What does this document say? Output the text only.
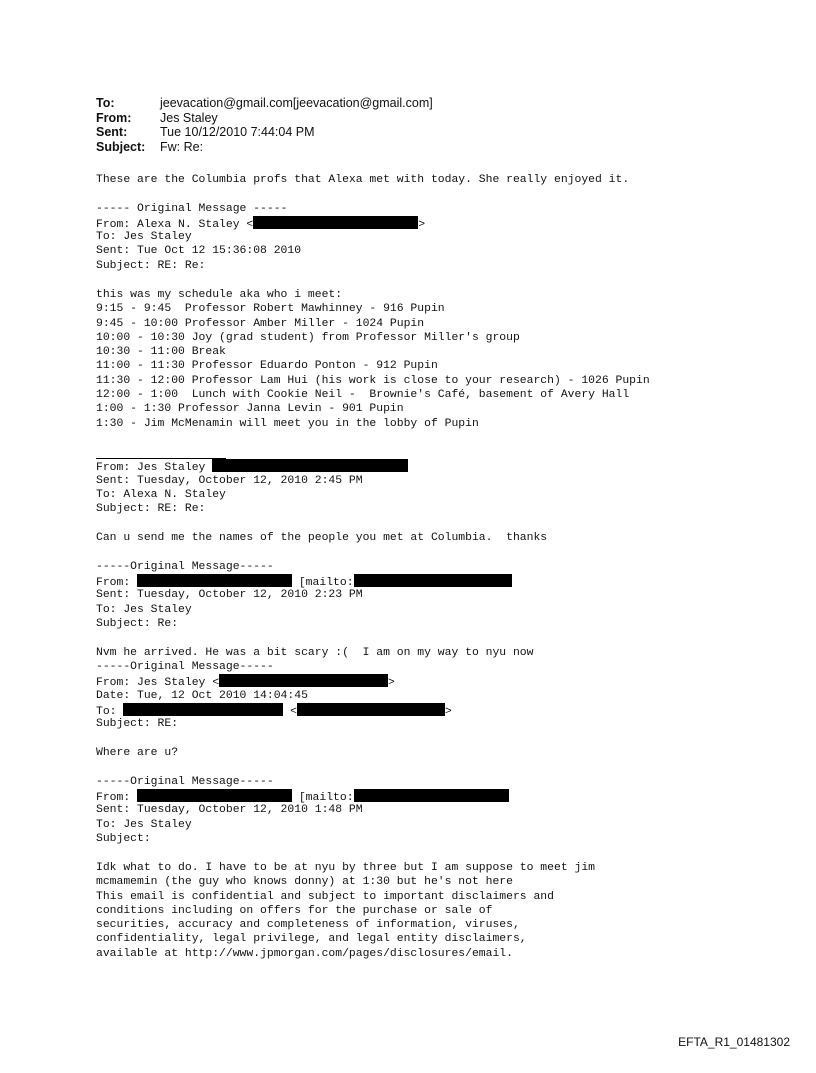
To:	jeevacation@gmail.com[jeevacation@gmail.com]
From:	Jes Staley
Sent:	Tue 10/12/2010 7:44:04 PM
Subject:	Fw: Re:
These are the Columbia profs that Alexa met with today. She really enjoyed it.
----- Original Message -----
From: Alexa N. Staley <	>
To: Jes Staley
Sent: Tue Oct 12 15:36:08 2010
Subject: RE: Re:
this was my schedule aka who i meet:
9:15 - 9:45  Professor Robert Mawhinney - 916 Pupin
9:45 - 10:00 Professor Amber Miller - 1024 Pupin
10:00 - 10:30 Joy (grad student) from Professor Miller's group
10:30 - 11:00 Break
11:00 - 11:30 Professor Eduardo Ponton - 912 Pupin
11:30 - 12:00 Professor Lam Hui (his work is close to your research) - 1026 Pupin
12:00 - 1:00  Lunch with Cookie Neil -  Brownie's Café, basement of Avery Hall
1:00 - 1:30 Professor Janna Levin - 901 Pupin
1:30 - Jim McMenamin will meet you in the lobby of Pupin
From: Jes Staley
Sent: Tuesday, October 12, 2010 2:45 PM
To: Alexa N. Staley
Subject: RE: Re:
Can u send me the names of the people you met at Columbia.  thanks
-----Original Message-----
From:	[mailto:
Sent: Tuesday, October 12, 2010 2:23 PM
To: Jes Staley
Subject: Re:
Nvm he arrived. He was a bit scary :(  I am on my way to nyu now
-----Original Message-----
From: Jes Staley <	>
Date: Tue, 12 Oct 2010 14:04:45
To:	<	>
Subject: RE:
Where are u?
-----Original Message-----
From:	[mailto:
Sent: Tuesday, October 12, 2010 1:48 PM
To: Jes Staley
Subject:
Idk what to do. I have to be at nyu by three but I am suppose to meet jim
mcmamemin (the guy who knows donny) at 1:30 but he's not here
This email is confidential and subject to important disclaimers and
conditions including on offers for the purchase or sale of
securities, accuracy and completeness of information, viruses,
confidentiality, legal privilege, and legal entity disclaimers,
available at http://www.jpmorgan.com/pages/disclosures/email.
EFTA_R1_01481302
